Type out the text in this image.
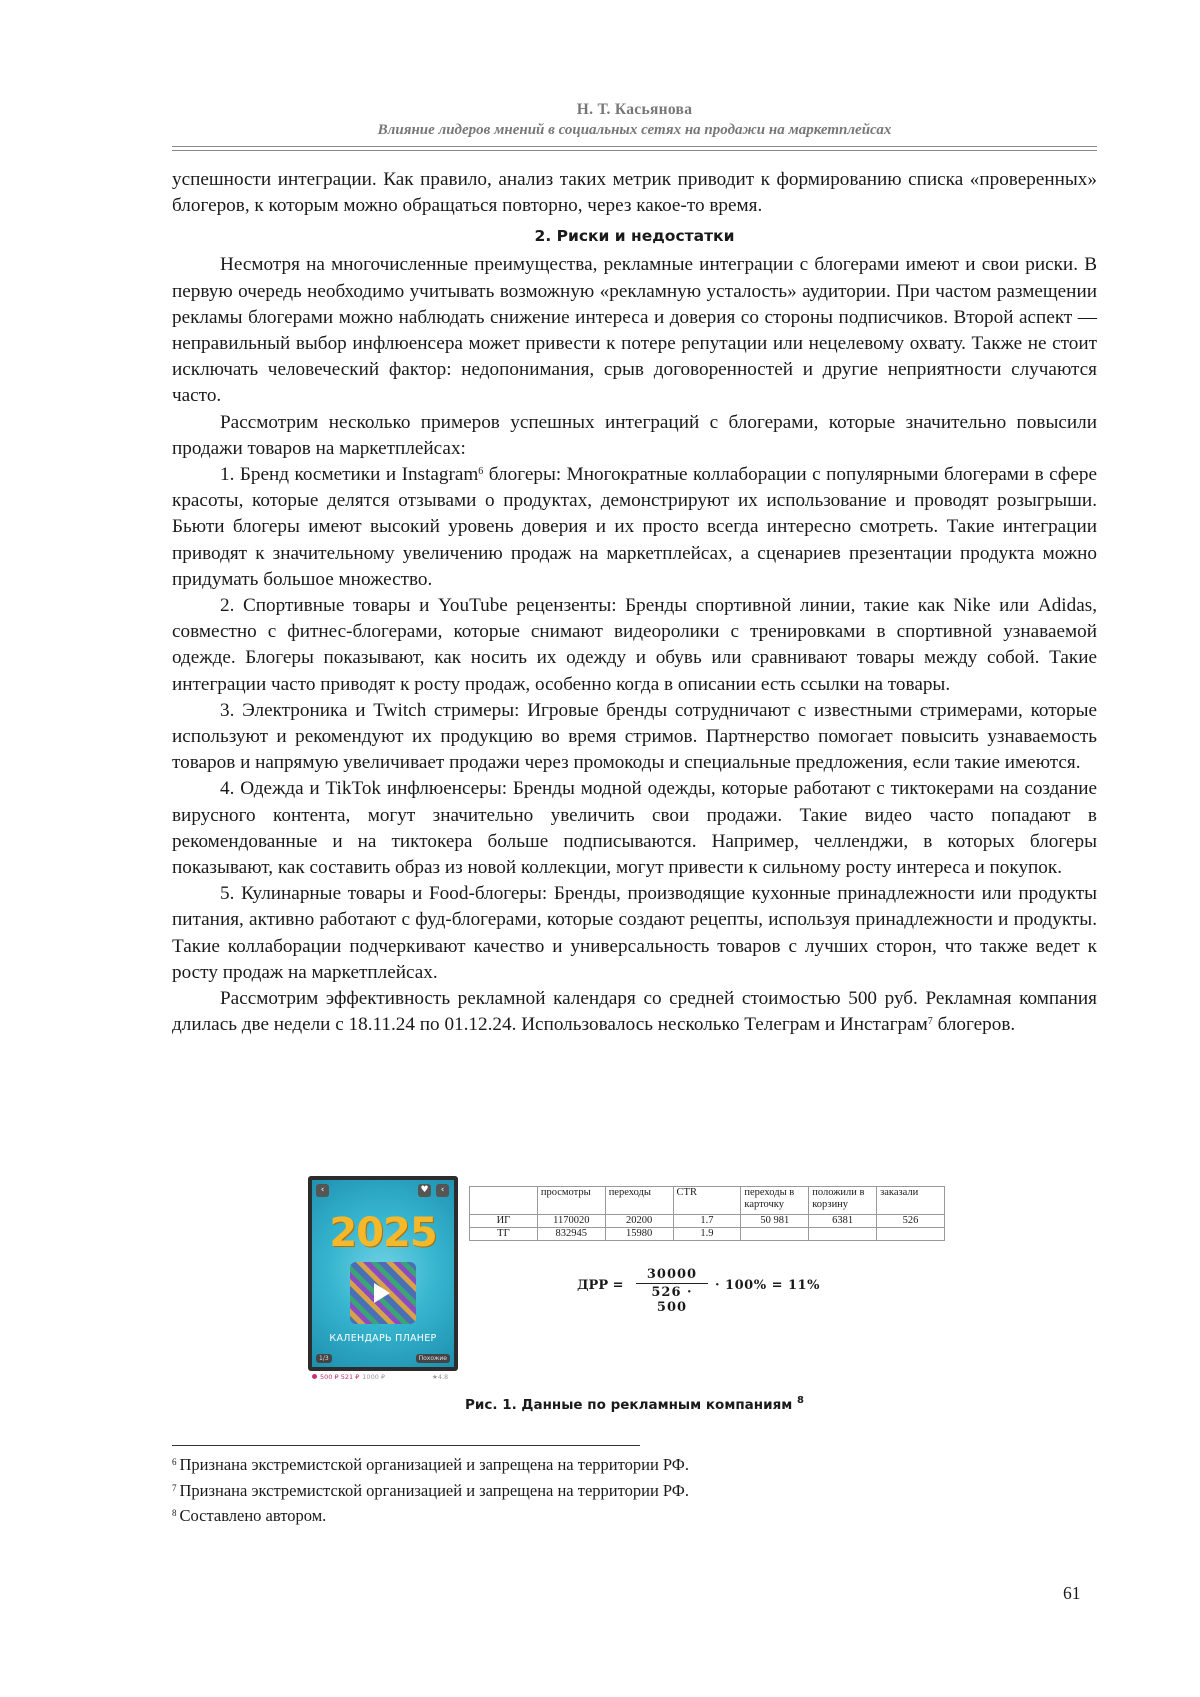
Н. Т. Касьянова
Влияние лидеров мнений в социальных сетях на продажи на маркетплейсах

успешности интеграции. Как правило, анализ таких метрик приводит к формированию списка «проверенных» блогеров, к которым можно обращаться повторно, через какое-то время.

2. Риски и недостатки

Несмотря на многочисленные преимущества, рекламные интеграции с блогерами имеют и свои риски. В первую очередь необходимо учитывать возможную «рекламную усталость» аудитории. При частом размещении рекламы блогерами можно наблюдать снижение интереса и доверия со стороны подписчиков. Второй аспект — неправильный выбор инфлюенсера может привести к потере репутации или нецелевому охвату. Также не стоит исключать человеческий фактор: недопонимания, срыв договоренностей и другие неприятности случаются часто.

Рассмотрим несколько примеров успешных интеграций с блогерами, которые значительно повысили продажи товаров на маркетплейсах:

1. Бренд косметики и Instagram$^6$ блогеры: Многократные коллаборации с популярными блогерами в сфере красоты, которые делятся отзывами о продуктах, демонстрируют их использование и проводят розыгрыши. Бьюти блогеры имеют высокий уровень доверия и их просто всегда интересно смотреть. Такие интеграции приводят к значительному увеличению продаж на маркетплейсах, а сценариев презентации продукта можно придумать большое множество.

2. Спортивные товары и YouTube рецензенты: Бренды спортивной линии, такие как Nike или Adidas, совместно с фитнес-блогерами, которые снимают видеоролики с тренировками в спортивной узнаваемой одежде. Блогеры показывают, как носить их одежду и обувь или сравнивают товары между собой. Такие интеграции часто приводят к росту продаж, особенно когда в описании есть ссылки на товары.

3. Электроника и Twitch стримеры: Игровые бренды сотрудничают с известными стримерами, которые используют и рекомендуют их продукцию во время стримов. Партнерство помогает повысить узнаваемость товаров и напрямую увеличивает продажи через промокоды и специальные предложения, если такие имеются.

4. Одежда и TikTok инфлюенсеры: Бренды модной одежды, которые работают с тиктокерами на создание вирусного контента, могут значительно увеличить свои продажи. Такие видео часто попадают в рекомендованные и на тиктокера больше подписываются. Например, челленджи, в которых блогеры показывают, как составить образ из новой коллекции, могут привести к сильному росту интереса и покупок.

5. Кулинарные товары и Food-блогеры: Бренды, производящие кухонные принадлежности или продукты питания, активно работают с фуд-блогерами, которые создают рецепты, используя принадлежности и продукты. Такие коллаборации подчеркивают качество и универсальность товаров с лучших сторон, что также ведет к росту продаж на маркетплейсах.

Рассмотрим эффективность рекламной календаря со средней стоимостью 500 руб. Рекламная компания длилась две недели с 18.11.24 по 01.12.24. Использовалось несколько Телеграм и Инстаграм$^7$ блогеров.

‹	♥	‹
2025
КАЛЕНДАРЬ ПЛАНЕР
1/3	Похожие
500 ₽ 521 ₽ 1000 ₽	★4.8
	просмотры	переходы	CTR	переходы в карточку	положили в корзину	заказали
ИГ	1170020	20200	1.7	50 981	6381	526
ТГ	832945	15980	1.9			
ДРР = $\frac{30000}{526 \cdot 500} \cdot 100\% = 11\%$
Рис. 1. Данные по рекламным компаниям $^8$
$^6$ Признана экстремистской организацией и запрещена на территории РФ.
$^7$ Признана экстремистской организацией и запрещена на территории РФ.
$^8$ Составлено автором.
61
